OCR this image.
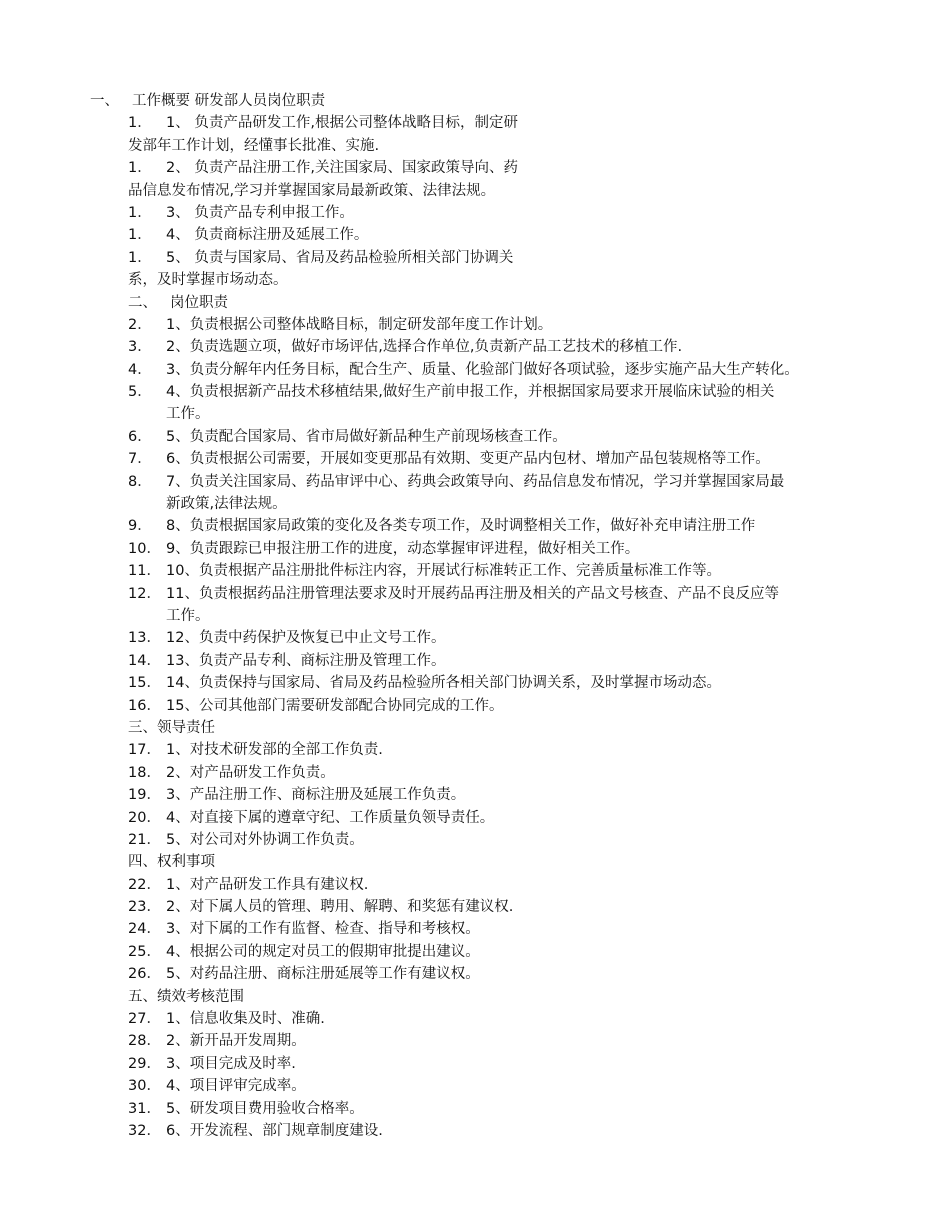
一、 工作概要 研发部人员岗位职责
1． 1、 负责产品研发工作,根据公司整体战略目标，制定研
发部年工作计划，经懂事长批准、实施.
1． 2、 负责产品注册工作,关注国家局、国家政策导向、药
品信息发布情况,学习并掌握国家局最新政策、法律法规。
1． 3、 负责产品专利申报工作。
1． 4、 负责商标注册及延展工作。
1． 5、 负责与国家局、省局及药品检验所相关部门协调关
系，及时掌握市场动态。
二、 岗位职责
2． 1、负责根据公司整体战略目标，制定研发部年度工作计划。
3． 2、负责选题立项，做好市场评估,选择合作单位,负责新产品工艺技术的移植工作.
4． 3、负责分解年内任务目标，配合生产、质量、化验部门做好各项试验，逐步实施产品大生产转化。
5． 4、负责根据新产品技术移植结果,做好生产前申报工作，并根据国家局要求开展临床试验的相关
工作。
6． 5、负责配合国家局、省市局做好新品种生产前现场核查工作。
7． 6、负责根据公司需要，开展如变更那品有效期、变更产品内包材、增加产品包装规格等工作。
8． 7、负责关注国家局、药品审评中心、药典会政策导向、药品信息发布情况，学习并掌握国家局最
新政策,法律法规。
9． 8、负责根据国家局政策的变化及各类专项工作，及时调整相关工作，做好补充申请注册工作
10． 9、负责跟踪已申报注册工作的进度，动态掌握审评进程，做好相关工作。
11． 10、负责根据产品注册批件标注内容，开展试行标准转正工作、完善质量标准工作等。
12． 11、负责根据药品注册管理法要求及时开展药品再注册及相关的产品文号核查、产品不良反应等
工作。
13． 12、负责中药保护及恢复已中止文号工作。
14． 13、负责产品专利、商标注册及管理工作。
15． 14、负责保持与国家局、省局及药品检验所各相关部门协调关系，及时掌握市场动态。
16． 15、公司其他部门需要研发部配合协同完成的工作。
三、领导责任
17． 1、对技术研发部的全部工作负责.
18． 2、对产品研发工作负责。
19． 3、产品注册工作、商标注册及延展工作负责。
20． 4、对直接下属的遵章守纪、工作质量负领导责任。
21． 5、对公司对外协调工作负责。
四、权利事项
22． 1、对产品研发工作具有建议权.
23． 2、对下属人员的管理、聘用、解聘、和奖惩有建议权.
24． 3、对下属的工作有监督、检查、指导和考核权。
25． 4、根据公司的规定对员工的假期审批提出建议。
26． 5、对药品注册、商标注册延展等工作有建议权。
五、绩效考核范围
27． 1、信息收集及时、准确.
28． 2、新开品开发周期。
29． 3、项目完成及时率.
30． 4、项目评审完成率。
31． 5、研发项目费用验收合格率。
32． 6、开发流程、部门规章制度建设.
